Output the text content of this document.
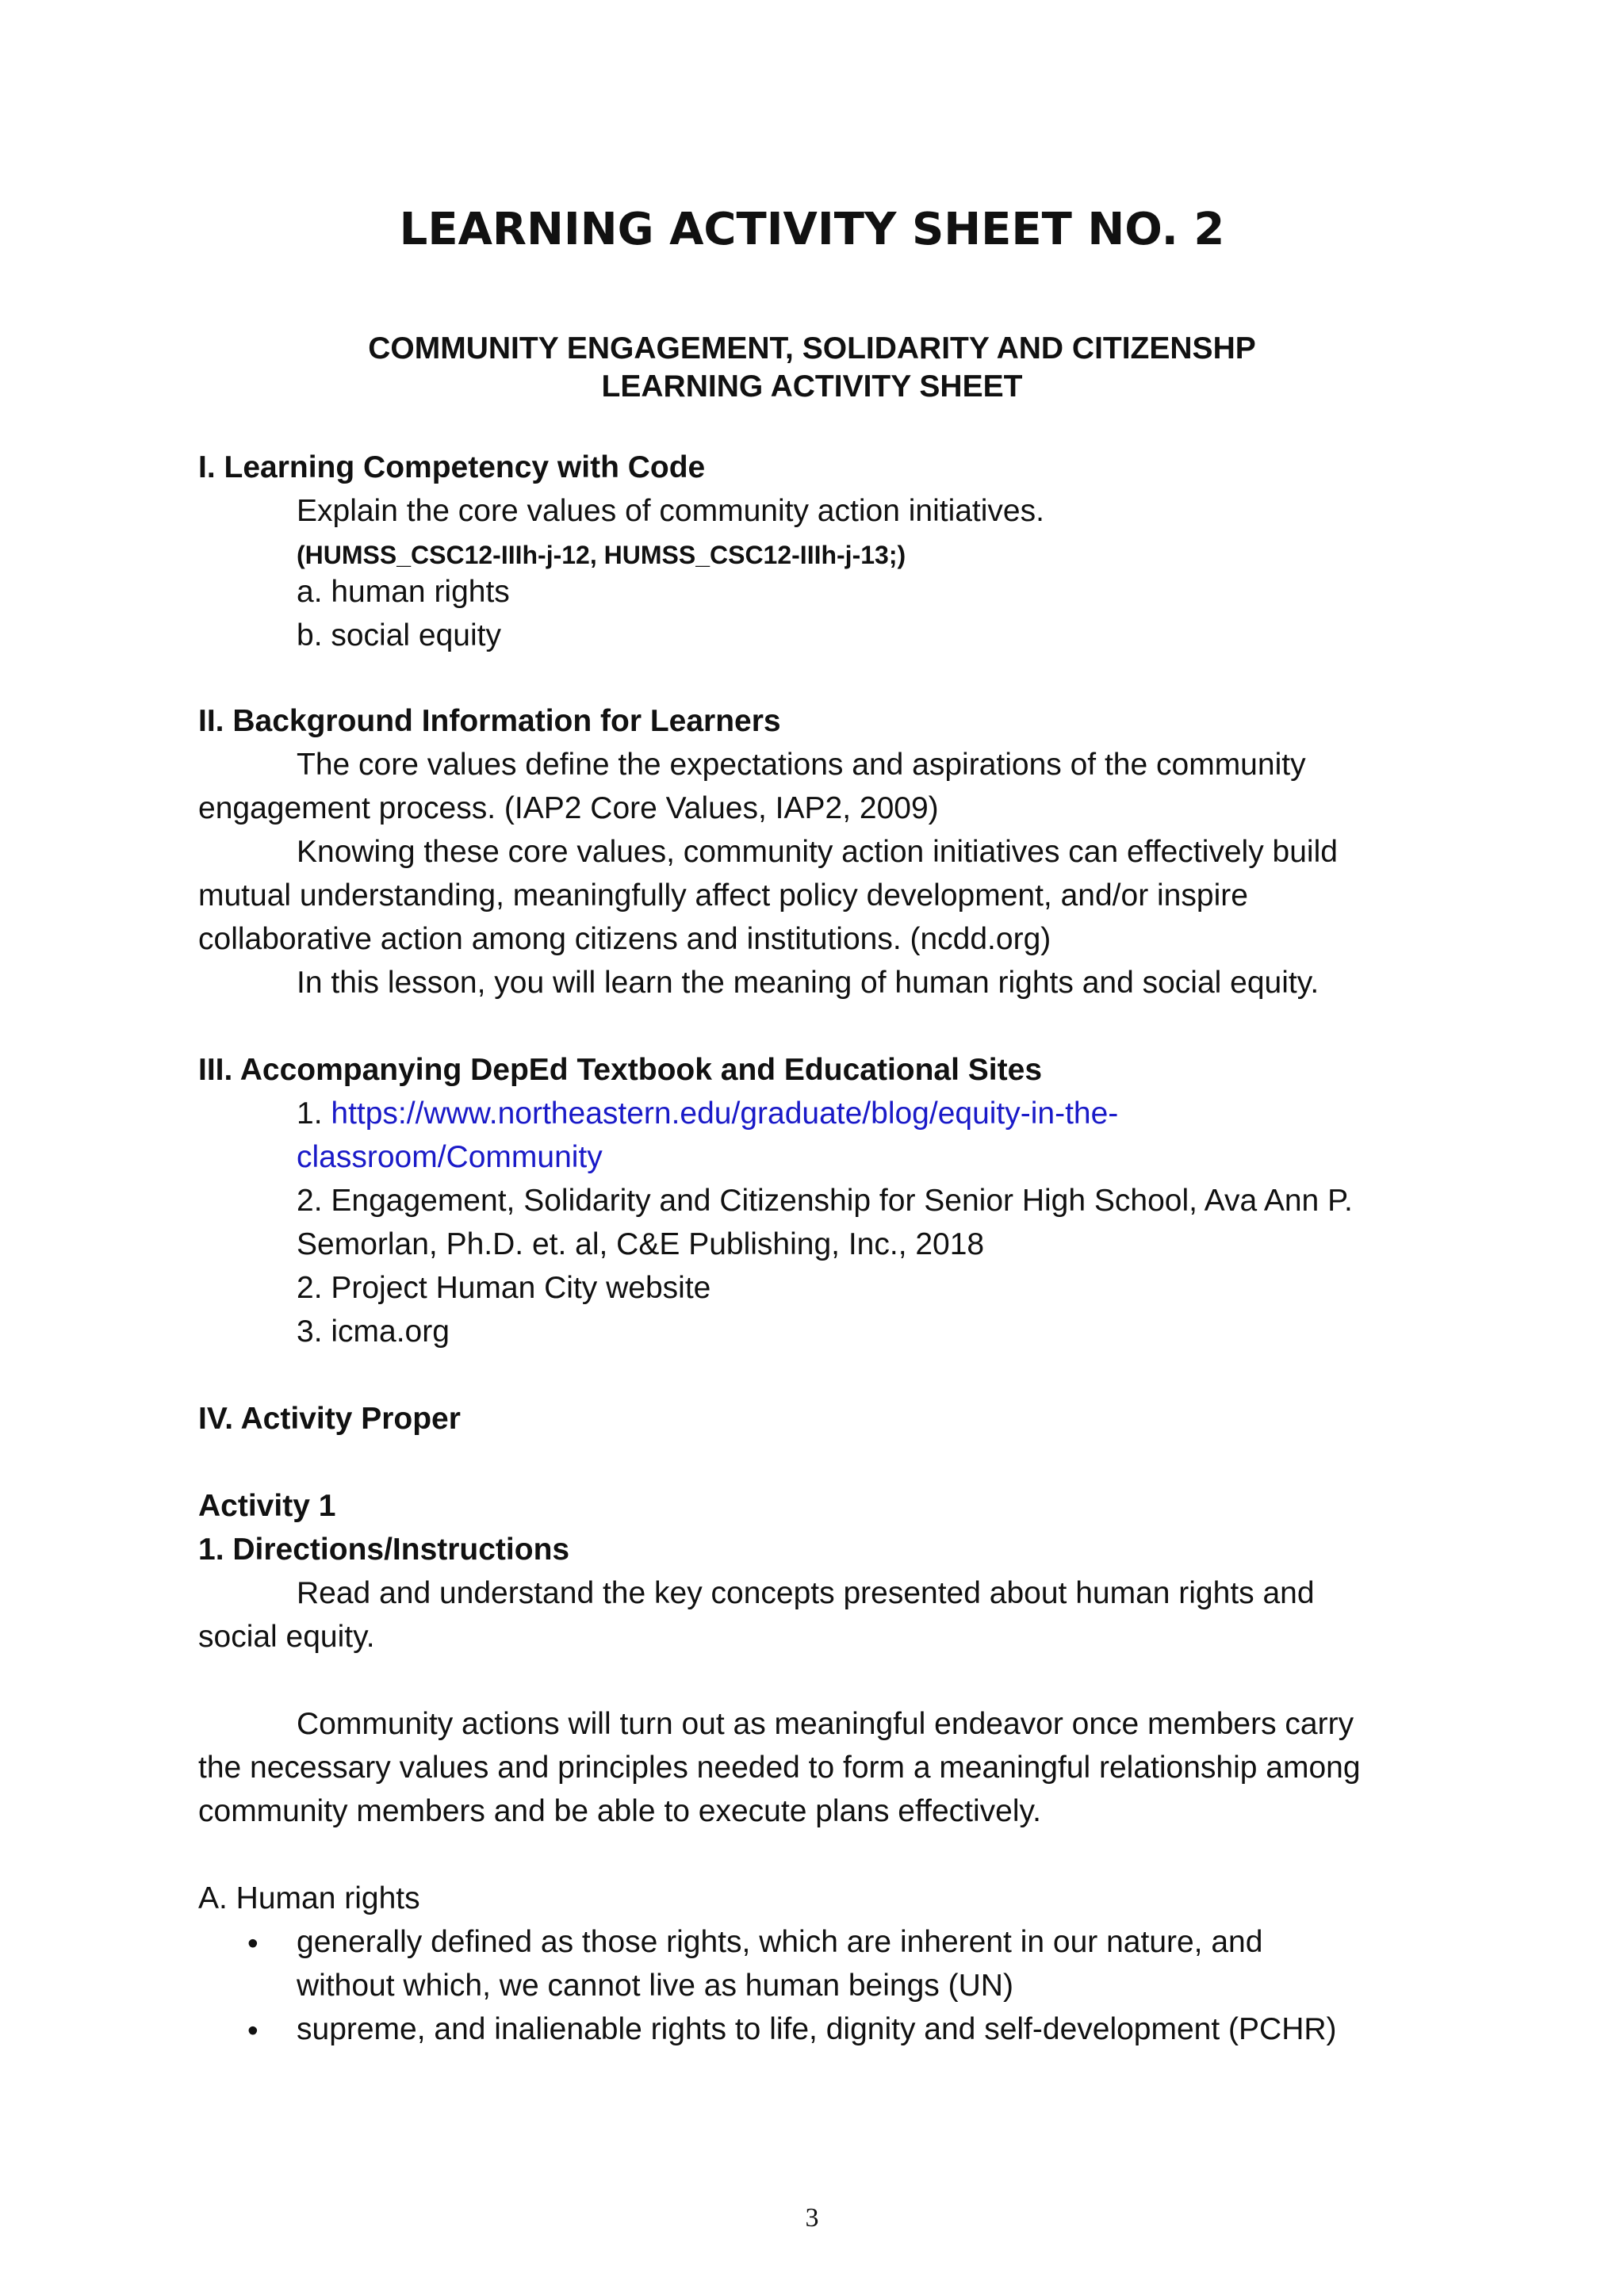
LEARNING ACTIVITY SHEET NO. 2
COMMUNITY ENGAGEMENT, SOLIDARITY AND CITIZENSHP
LEARNING ACTIVITY SHEET
I. Learning Competency with Code
Explain the core values of community action initiatives.
(HUMSS_CSC12-IIIh-j-12, HUMSS_CSC12-IIIh-j-13;)
a. human rights
b. social equity
II. Background Information for Learners
The core values define the expectations and aspirations of the community
engagement process. (IAP2 Core Values, IAP2, 2009)
Knowing these core values, community action initiatives can effectively build
mutual understanding, meaningfully affect policy development, and/or inspire
collaborative action among citizens and institutions. (ncdd.org)
In this lesson, you will learn the meaning of human rights and social equity.
III. Accompanying DepEd Textbook and Educational Sites
1. https://www.northeastern.edu/graduate/blog/equity-in-the-
classroom/Community
2. Engagement, Solidarity and Citizenship for Senior High School, Ava Ann P.
Semorlan, Ph.D. et. al, C&E Publishing, Inc., 2018
2. Project Human City website
3. icma.org
IV. Activity Proper
Activity 1
1. Directions/Instructions
Read and understand the key concepts presented about human rights and
social equity.
Community actions will turn out as meaningful endeavor once members carry
the necessary values and principles needed to form a meaningful relationship among
community members and be able to execute plans effectively.
A. Human rights
• generally defined as those rights, which are inherent in our nature, and
without which, we cannot live as human beings (UN)
• supreme, and inalienable rights to life, dignity and self-development (PCHR)
3
